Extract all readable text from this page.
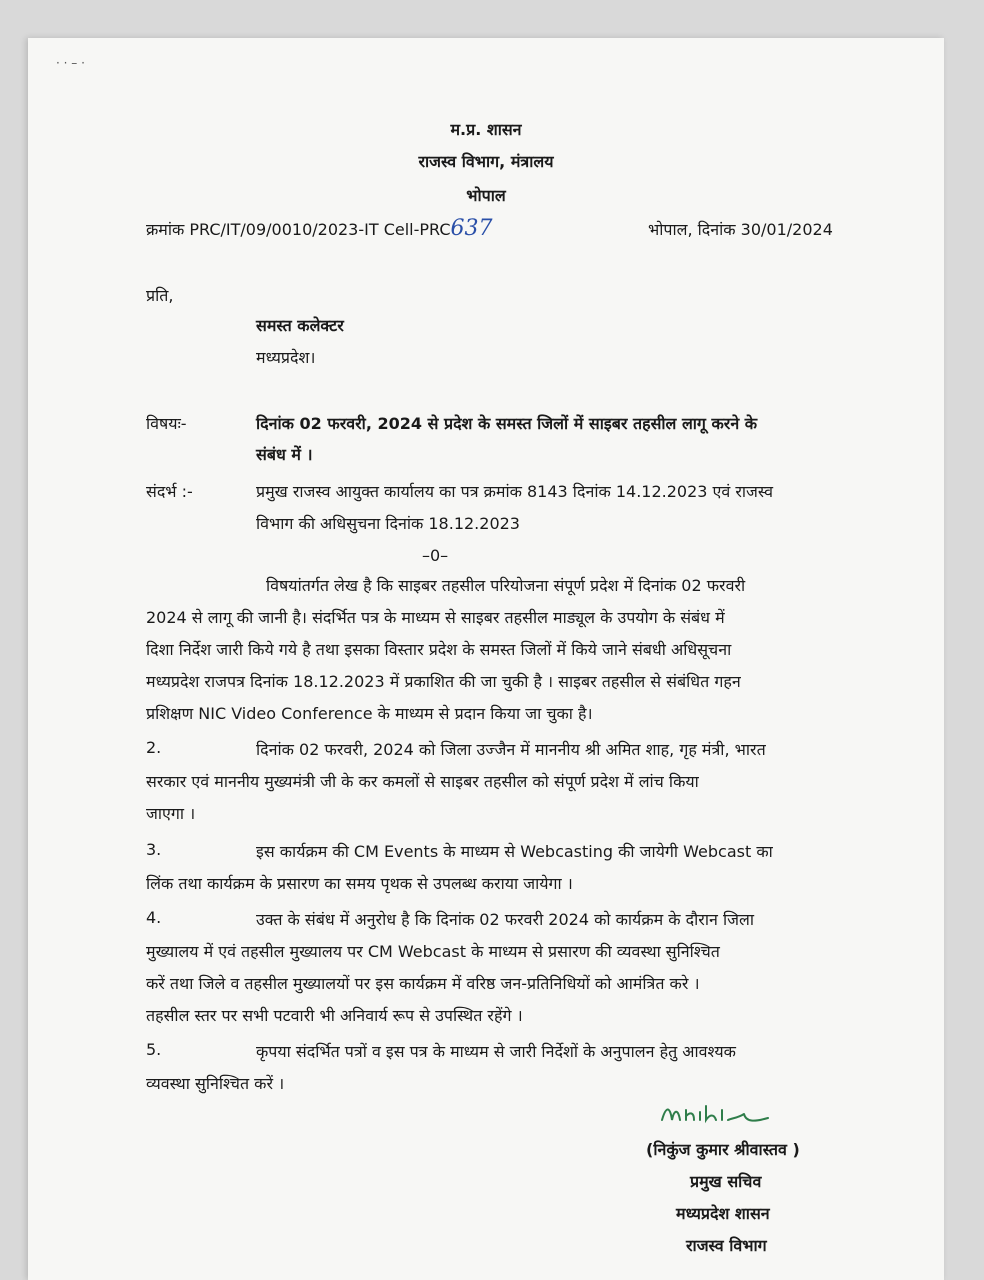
· · – ·
म.प्र. शासन
राजस्व विभाग, मंत्रालय
भोपाल
क्रमांक PRC/IT/09/0010/2023-IT Cell-PRC637	भोपाल, दिनांक 30/01/2024
प्रति,
समस्त कलेक्टर
मध्यप्रदेश।
विषयः-	दिनांक 02 फरवरी, 2024 से प्रदेश के समस्त जिलों में साइबर तहसील लागू करने के
संबंध में ।
संदर्भ :-	प्रमुख राजस्व आयुक्त कार्यालय का पत्र क्रमांक 8143 दिनांक 14.12.2023 एवं राजस्व
विभाग की अधिसुचना दिनांक 18.12.2023
–0–
विषयांतर्गत लेख है कि साइबर तहसील परियोजना संपूर्ण प्रदेश में दिनांक 02 फरवरी
2024 से लागू की जानी है। संदर्भित पत्र के माध्यम से साइबर तहसील माड्यूल के उपयोग के संबंध में
दिशा निर्देश जारी किये गये है तथा इसका विस्तार प्रदेश के समस्त जिलों में किये जाने संबधी अधिसूचना
मध्यप्रदेश राजपत्र दिनांक 18.12.2023 में प्रकाशित की जा चुकी है । साइबर तहसील से संबंधित गहन
प्रशिक्षण NIC Video Conference के माध्यम से प्रदान किया जा चुका है।
2.	दिनांक 02 फरवरी, 2024 को जिला उज्जैन में माननीय श्री अमित शाह, गृह मंत्री, भारत
सरकार एवं माननीय मुख्यमंत्री जी के कर कमलों से साइबर तहसील को संपूर्ण प्रदेश में लांच किया
जाएगा ।
3.	इस कार्यक्रम की CM Events के माध्यम से Webcasting की जायेगी Webcast का
लिंक तथा कार्यक्रम के प्रसारण का समय पृथक से उपलब्ध कराया जायेगा ।
4.	उक्त के संबंध में अनुरोध है कि दिनांक 02 फरवरी 2024 को कार्यक्रम के दौरान जिला
मुख्यालय में एवं तहसील मुख्यालय पर CM Webcast के माध्यम से प्रसारण की व्यवस्था सुनिश्चित
करें तथा जिले व तहसील मुख्यालयों पर इस कार्यक्रम में वरिष्ठ जन-प्रतिनिधियों को आमंत्रित करे ।
तहसील स्तर पर सभी पटवारी भी अनिवार्य रूप से उपस्थित रहेंगे ।
5.	कृपया संदर्भित पत्रों व इस पत्र के माध्यम से जारी निर्देशों के अनुपालन हेतु आवश्यक
व्यवस्था सुनिश्चित करें ।
(निकुंज कुमार श्रीवास्तव )
प्रमुख सचिव
मध्यप्रदेश शासन
राजस्व विभाग
